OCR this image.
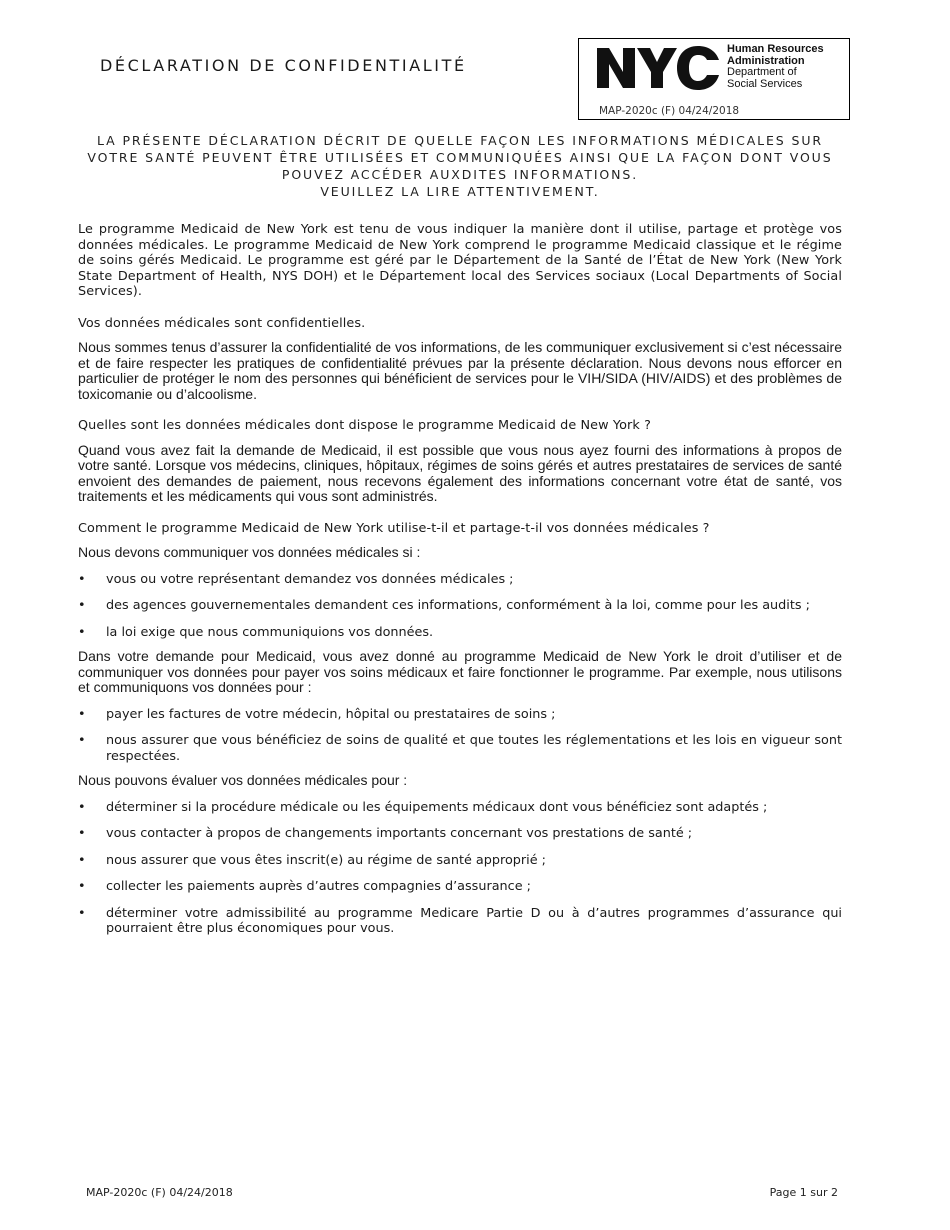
DÉCLARATION DE CONFIDENTIALITÉ
Human Resources
Administration
Department of
Social Services
MAP-2020c (F) 04/24/2018
LA PRÉSENTE DÉCLARATION DÉCRIT DE QUELLE FAÇON LES INFORMATIONS MÉDICALES SUR
VOTRE SANTÉ PEUVENT ÊTRE UTILISÉES ET COMMUNIQUÉES AINSI QUE LA FAÇON DONT VOUS
POUVEZ ACCÉDER AUXDITES INFORMATIONS.
VEUILLEZ LA LIRE ATTENTIVEMENT.

Le programme Medicaid de New York est tenu de vous indiquer la manière dont il utilise, partage et protège vos données médicales. Le programme Medicaid de New York comprend le programme Medicaid classique et le régime de soins gérés Medicaid. Le programme est géré par le Département de la Santé de l’État de New York (New York State Department of Health, NYS DOH) et le Département local des Services sociaux (Local Departments of Social Services).

Vos données médicales sont confidentielles.

Nous sommes tenus d’assurer la confidentialité de vos informations, de les communiquer exclusivement si c’est nécessaire et de faire respecter les pratiques de confidentialité prévues par la présente déclaration. Nous devons nous efforcer en particulier de protéger le nom des personnes qui bénéficient de services pour le VIH/SIDA (HIV/AIDS) et des problèmes de toxicomanie ou d’alcoolisme.

Quelles sont les données médicales dont dispose le programme Medicaid de New York ?

Quand vous avez fait la demande de Medicaid, il est possible que vous nous ayez fourni des informations à propos de votre santé. Lorsque vos médecins, cliniques, hôpitaux, régimes de soins gérés et autres prestataires de services de santé envoient des demandes de paiement, nous recevons également des informations concernant votre état de santé, vos traitements et les médicaments qui vous sont administrés.

Comment le programme Medicaid de New York utilise-t-il et partage-t-il vos données médicales ?

Nous devons communiquer vos données médicales si :

• vous ou votre représentant demandez vos données médicales ;
• des agences gouvernementales demandent ces informations, conformément à la loi, comme pour les audits ;
• la loi exige que nous communiquions vos données.

Dans votre demande pour Medicaid, vous avez donné au programme Medicaid de New York le droit d’utiliser et de communiquer vos données pour payer vos soins médicaux et faire fonctionner le programme. Par exemple, nous utilisons et communiquons vos données pour :

• payer les factures de votre médecin, hôpital ou prestataires de soins ;
• nous assurer que vous bénéficiez de soins de qualité et que toutes les réglementations et les lois en vigueur sont respectées.

Nous pouvons évaluer vos données médicales pour :

• déterminer si la procédure médicale ou les équipements médicaux dont vous bénéficiez sont adaptés ;
• vous contacter à propos de changements importants concernant vos prestations de santé ;
• nous assurer que vous êtes inscrit(e) au régime de santé approprié ;
• collecter les paiements auprès d’autres compagnies d’assurance ;
• déterminer votre admissibilité au programme Medicare Partie D ou à d’autres programmes d’assurance qui pourraient être plus économiques pour vous.
MAP-2020c (F) 04/24/2018	Page 1 sur 2
